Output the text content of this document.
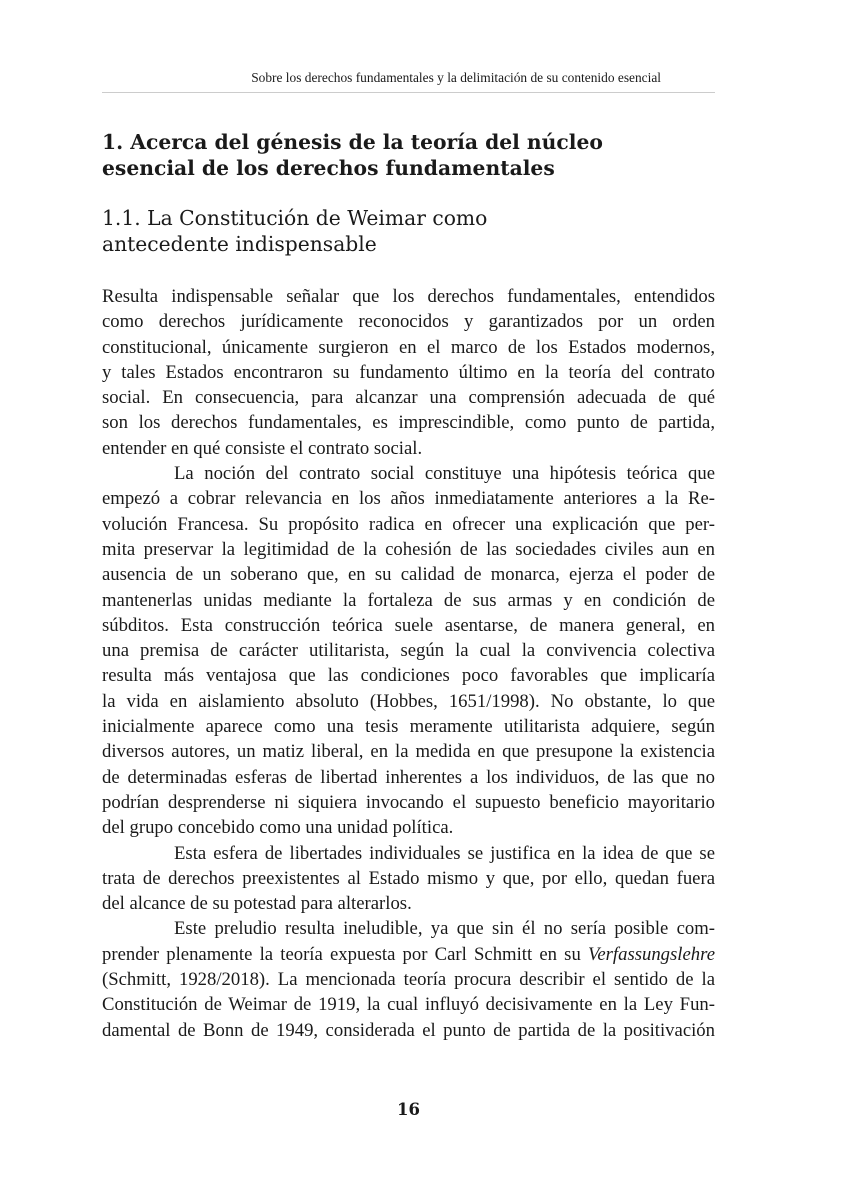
Sobre los derechos fundamentales y la delimitación de su contenido esencial
1. Acerca del génesis de la teoría del núcleo
esencial de los derechos fundamentales
1.1. La Constitución de Weimar como
antecedente indispensable
Resulta indispensable señalar que los derechos fundamentales, entendidos
como derechos jurídicamente reconocidos y garantizados por un orden
constitucional, únicamente surgieron en el marco de los Estados modernos,
y tales Estados encontraron su fundamento último en la teoría del contrato
social. En consecuencia, para alcanzar una comprensión adecuada de qué
son los derechos fundamentales, es imprescindible, como punto de partida,
entender en qué consiste el contrato social.
La noción del contrato social constituye una hipótesis teórica que
empezó a cobrar relevancia en los años inmediatamente anteriores a la Re-
volución Francesa. Su propósito radica en ofrecer una explicación que per-
mita preservar la legitimidad de la cohesión de las sociedades civiles aun en
ausencia de un soberano que, en su calidad de monarca, ejerza el poder de
mantenerlas unidas mediante la fortaleza de sus armas y en condición de
súbditos. Esta construcción teórica suele asentarse, de manera general, en
una premisa de carácter utilitarista, según la cual la convivencia colectiva
resulta más ventajosa que las condiciones poco favorables que implicaría
la vida en aislamiento absoluto (Hobbes, 1651/1998). No obstante, lo que
inicialmente aparece como una tesis meramente utilitarista adquiere, según
diversos autores, un matiz liberal, en la medida en que presupone la existencia
de determinadas esferas de libertad inherentes a los individuos, de las que no
podrían desprenderse ni siquiera invocando el supuesto beneficio mayoritario
del grupo concebido como una unidad política.
Esta esfera de libertades individuales se justifica en la idea de que se
trata de derechos preexistentes al Estado mismo y que, por ello, quedan fuera
del alcance de su potestad para alterarlos.
Este preludio resulta ineludible, ya que sin él no sería posible com-
prender plenamente la teoría expuesta por Carl Schmitt en su Verfassungslehre
(Schmitt, 1928/2018). La mencionada teoría procura describir el sentido de la
Constitución de Weimar de 1919, la cual influyó decisivamente en la Ley Fun-
damental de Bonn de 1949, considerada el punto de partida de la positivación
16
